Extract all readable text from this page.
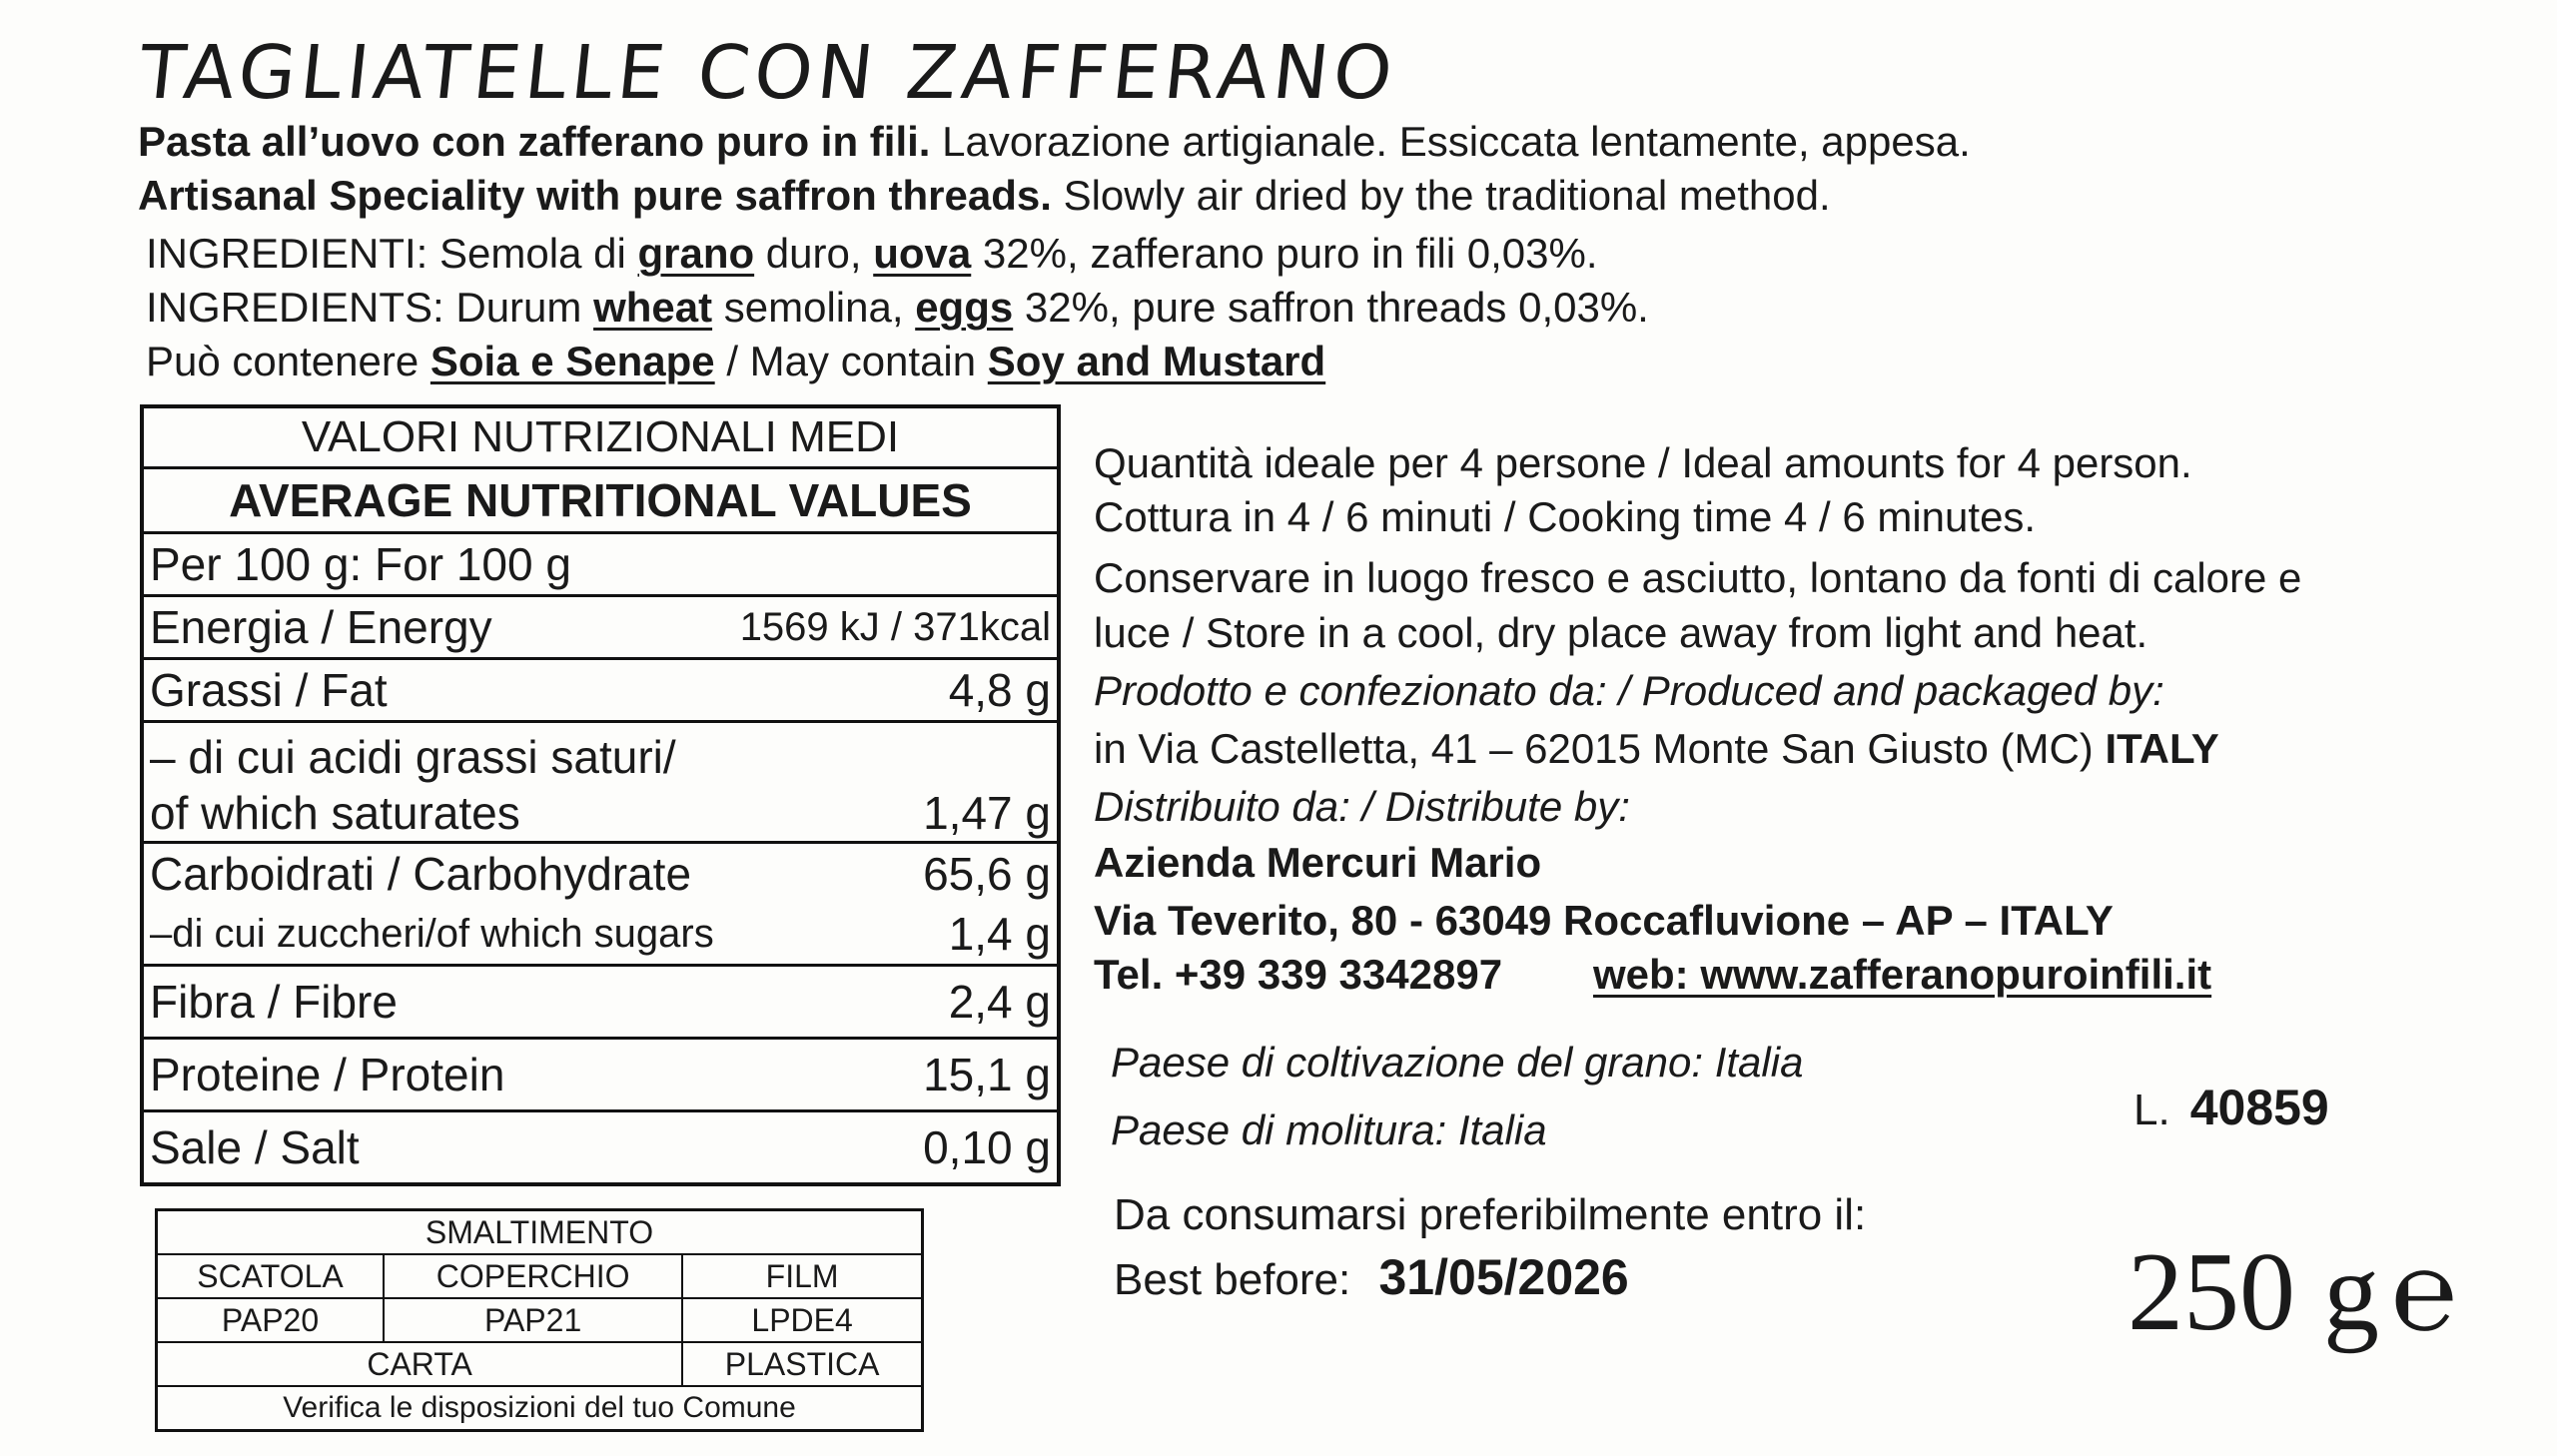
TAGLIATELLE CON ZAFFERANO
Pasta all’uovo con zafferano puro in fili. Lavorazione artigianale. Essiccata lentamente, appesa.
Artisanal Speciality with pure saffron threads. Slowly air dried by the traditional method.
INGREDIENTI: Semola di grano duro, uova 32%, zafferano puro in fili 0,03%.
INGREDIENTS: Durum wheat semolina, eggs 32%, pure saffron threads 0,03%.
Può contenere Soia e Senape / May contain Soy and Mustard
VALORI NUTRIZIONALI MEDI	
AVERAGE NUTRITIONAL VALUES	
Per 100 g: For 100 g	
Energia / Energy	1569 kJ / 371kcal
Grassi / Fat	4,8 g

– di cui acidi grassi saturi/
of which saturates	1,47 g
Carboidrati / Carbohydrate	65,6 g
–di cui zuccheri/of which sugars	1,4 g
Fibra / Fibre	2,4 g
Proteine / Protein	15,1 g
Sale / Salt	0,10 g
SMALTIMENTO		
SCATOLA	COPERCHIO	FILM
PAP20	PAP21	LPDE4
CARTA		PLASTICA
Verifica le disposizioni del tuo Comune		
Quantità ideale per 4 persone / Ideal amounts for 4 person.
Cottura in 4 / 6 minuti / Cooking time 4 / 6 minutes.
Conservare in luogo fresco e asciutto, lontano da fonti di calore e
luce / Store in a cool, dry place away from light and heat.
Prodotto e confezionato da: / Produced and packaged by:
in Via Castelletta, 41 – 62015 Monte San Giusto (MC) ITALY
Distribuito da: / Distribute by:
Azienda Mercuri Mario
Via Teverito, 80 - 63049 Roccafluvione – AP – ITALY
Tel. +39 339 3342897 web: www.zafferanopuroinfili.it
Paese di coltivazione del grano: Italia
Paese di molitura: Italia	L. 40859
Da consumarsi preferibilmente entro il:
Best before: 31/05/2026	250 g ℮
